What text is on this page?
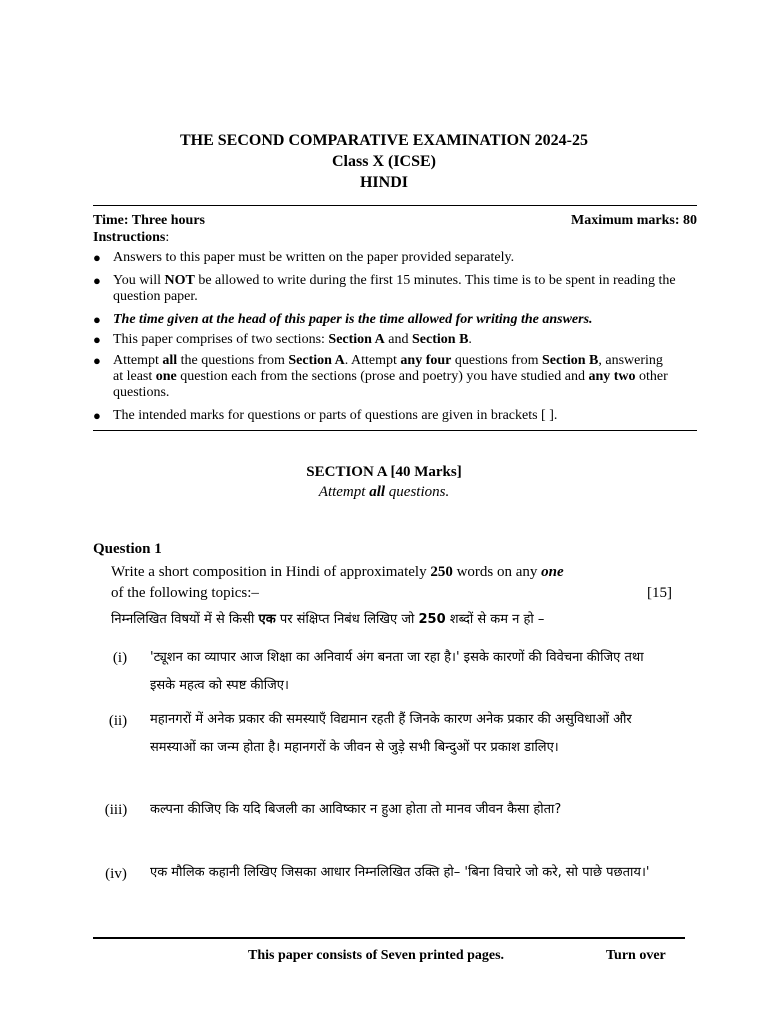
THE SECOND COMPARATIVE EXAMINATION 2024-25
Class X (ICSE)
HINDI
Time: Three hours	Maximum marks: 80
Instructions:
● Answers to this paper must be written on the paper provided separately.
● You will NOT be allowed to write during the first 15 minutes. This time is to be spent in reading the question paper.
● The time given at the head of this paper is the time allowed for writing the answers.
● This paper comprises of two sections: Section A and Section B.
● Attempt all the questions from Section A. Attempt any four questions from Section B, answering at least one question each from the sections (prose and poetry) you have studied and any two other questions.
● The intended marks for questions or parts of questions are given in brackets [ ].
SECTION A [40 Marks]
Attempt all questions.
Question 1
Write a short composition in Hindi of approximately 250 words on any one
of the following topics:–	[15]
निम्नलिखित विषयों में से किसी एक पर संक्षिप्त निबंध लिखिए जो 250 शब्दों से कम न हो –
(i)	'ट्यूशन का व्यापार आज शिक्षा का अनिवार्य अंग बनता जा रहा है।' इसके कारणों की विवेचना कीजिए तथा इसके महत्व को स्पष्ट कीजिए।
(ii)	महानगरों में अनेक प्रकार की समस्याएँ विद्यमान रहती हैं जिनके कारण अनेक प्रकार की असुविधाओं और समस्याओं का जन्म होता है। महानगरों के जीवन से जुड़े सभी बिन्दुओं पर प्रकाश डालिए।
(iii)	कल्पना कीजिए कि यदि बिजली का आविष्कार न हुआ होता तो मानव जीवन कैसा होता?
(iv)	एक मौलिक कहानी लिखिए जिसका आधार निम्नलिखित उक्ति हो– 'बिना विचारे जो करे, सो पाछे पछताय।'
This paper consists of Seven printed pages.	Turn over
